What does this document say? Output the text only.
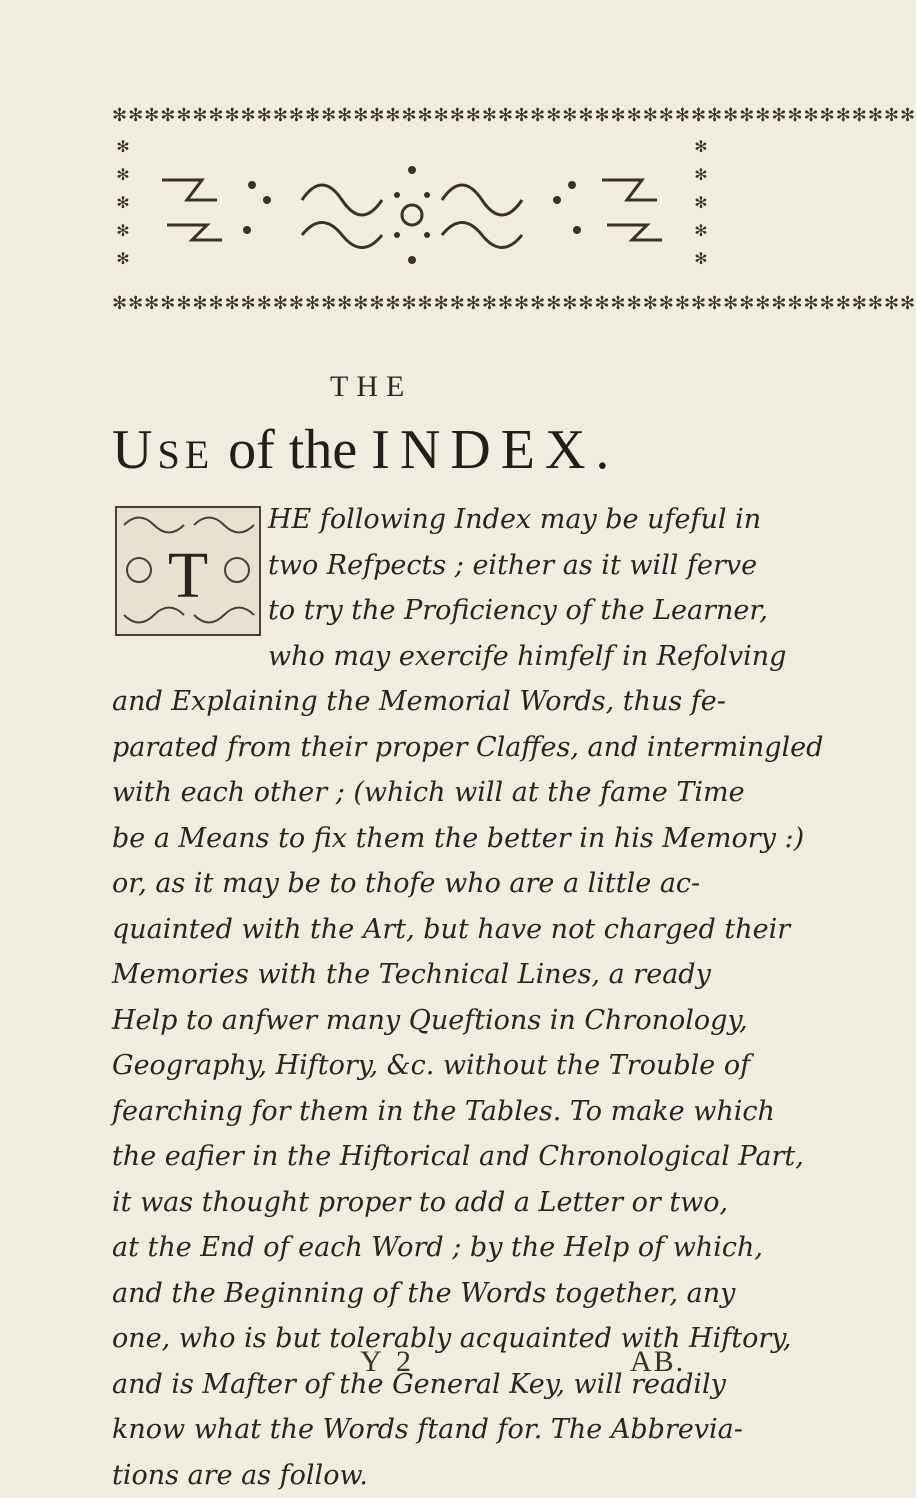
✻✻✻✻✻✻✻✻✻✻✻✻✻✻✻✻✻✻✻✻✻✻✻✻✻✻✻✻✻✻✻✻✻✻✻✻✻✻✻✻✻✻✻✻✻✻✻✻✻✻
✻
✻
✻
✻
✻
✻
✻
✻
✻
✻
✻✻✻✻✻✻✻✻✻✻✻✻✻✻✻✻✻✻✻✻✻✻✻✻✻✻✻✻✻✻✻✻✻✻✻✻✻✻✻✻✻✻✻✻✻✻✻✻✻✻
THE
USE of the INDEX.
T
HE following Index may be ufeful in
two Refpects ; either as it will ferve
to try the Proficiency of the Learner,
who may exercife himfelf in Refolving
and Explaining the Memorial Words, thus fe-
parated from their proper Claffes, and intermingled
with each other ; (which will at the fame Time
be a Means to fix them the better in his Memory :)
or, as it may be to thofe who are a little ac-
quainted with the Art, but have not charged their
Memories with the Technical Lines, a ready
Help to anfwer many Queftions in Chronology,
Geography, Hiftory, &c. without the Trouble of
fearching for them in the Tables. To make which
the eafier in the Hiftorical and Chronological Part,
it was thought proper to add a Letter or two,
at the End of each Word ; by the Help of which,
and the Beginning of the Words together, any
one, who is but tolerably acquainted with Hiftory,
and is Mafter of the General Key, will readily
know what the Words ftand for. The Abbrevia-
tions are as follow.
Y 2	AB.
